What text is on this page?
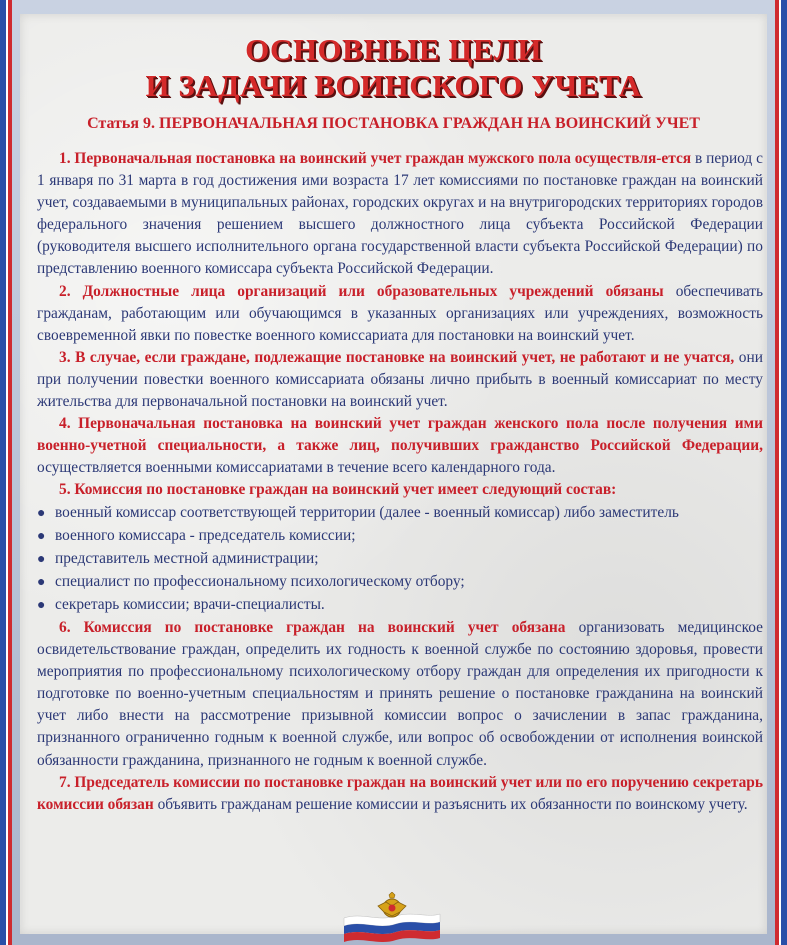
ОСНОВНЫЕ ЦЕЛИ
И ЗАДАЧИ ВОИНСКОГО УЧЕТА
Статья 9. ПЕРВОНАЧАЛЬНАЯ ПОСТАНОВКА ГРАЖДАН НА ВОИНСКИЙ УЧЕТ

1. Первоначальная постановка на воинский учет граждан мужского пола осуществля-ется в период с 1 января по 31 марта в год достижения ими возраста 17 лет комиссиями по постановке граждан на воинский учет, создаваемыми в муниципальных районах, городских округах и на внутригородских территориях городов федерального значения решением высшего должностного лица субъекта Российской Федерации (руководителя высшего исполнительного органа государственной власти субъекта Российской Федерации) по представлению военного комиссара субъекта Российской Федерации.

2. Должностные лица организаций или образовательных учреждений обязаны обеспечивать гражданам, работающим или обучающимся в указанных организациях или учреждениях, возможность своевременной явки по повестке военного комиссариата для постановки на воинский учет.

3. В случае, если граждане, подлежащие постановке на воинский учет, не работают и не учатся, они при получении повестки военного комиссариата обязаны лично прибыть в военный комиссариат по месту жительства для первоначальной постановки на воинский учет.

4. Первоначальная постановка на воинский учет граждан женского пола после получения ими военно-учетной специальности, а также лиц, получивших гражданство Российской Федерации, осуществляется военными комиссариатами в течение всего календарного года.

5. Комиссия по постановке граждан на воинский учет имеет следующий состав:

● военный комиссар соответствующей территории (далее - военный комиссар) либо заместитель
● военного комиссара - председатель комиссии;
● представитель местной администрации;
● специалист по профессиональному психологическому отбору;
● секретарь комиссии; врачи-специалисты.

6. Комиссия по постановке граждан на воинский учет обязана организовать медицинское освидетельствование граждан, определить их годность к военной службе по состоянию здоровья, провести мероприятия по профессиональному психологическому отбору граждан для определения их пригодности к подготовке по военно-учетным специальностям и принять решение о постановке гражданина на воинский учет либо внести на рассмотрение призывной комиссии вопрос о зачислении в запас гражданина, признанного ограниченно годным к военной службе, или вопрос об освобождении от исполнения воинской обязанности гражданина, признанного не годным к военной службе.

7. Председатель комиссии по постановке граждан на воинский учет или по его поручению секретарь комиссии обязан объявить гражданам решение комиссии и разъяснить их обязанности по воинскому учету.
